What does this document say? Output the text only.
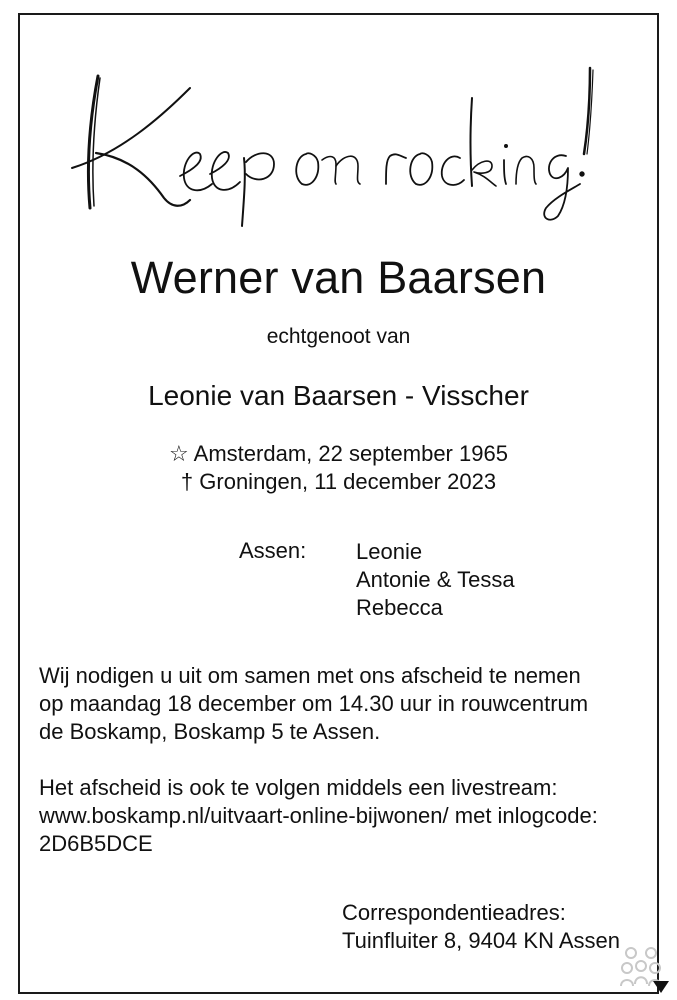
Werner van Baarsen
echtgenoot van
Leonie van Baarsen - Visscher
☆ Amsterdam, 22 september 1965
† Groningen, 11 december 2023
Assen: Leonie
Antonie & Tessa
Rebecca
Wij nodigen u uit om samen met ons afscheid te nemen
op maandag 18 december om 14.30 uur in rouwcentrum
de Boskamp, Boskamp 5 te Assen.
Het afscheid is ook te volgen middels een livestream:
www.boskamp.nl/uitvaart-online-bijwonen/ met inlogcode:
2D6B5DCE
Correspondentieadres:
Tuinfluiter 8, 9404 KN Assen
